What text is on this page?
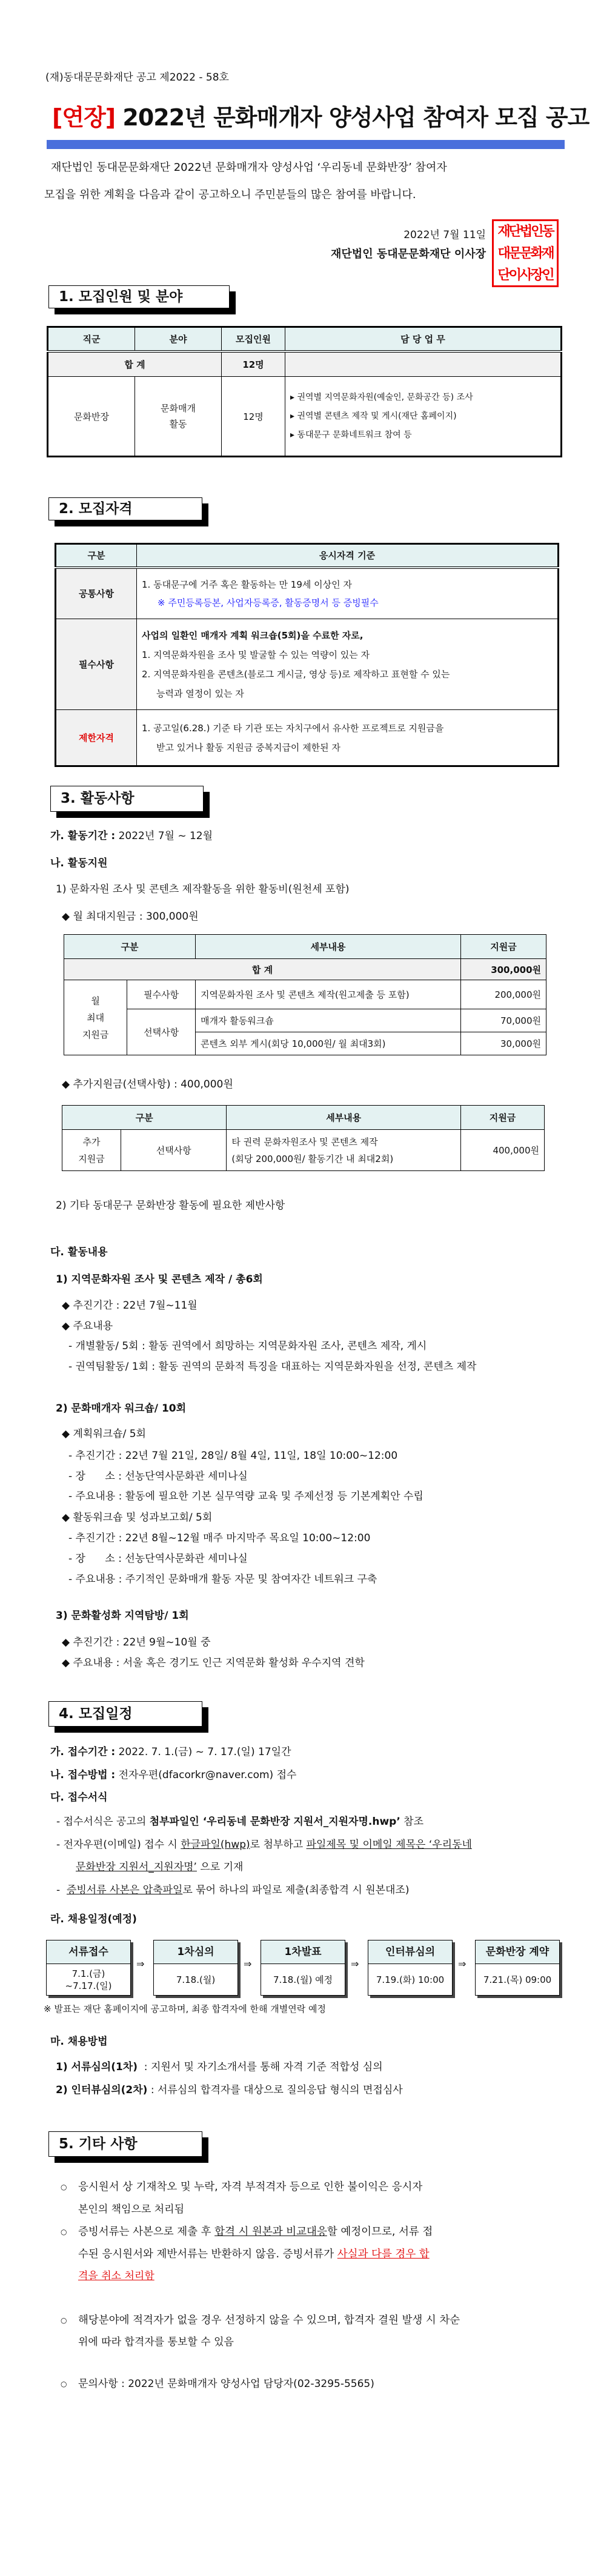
(재)동대문문화재단 공고 제2022 - 58호
[연장] 2022년 문화매개자 양성사업 참여자 모집 공고
재단법인 동대문문화재단 2022년 문화매개자 양성사업 ‘우리동네 문화반장’ 참여자
모집을 위한 계획을 다음과 같이 공고하오니 주민분들의 많은 참여를 바랍니다.
2022년 7월 11일
재단법인 동대문문화재단 이사장
재단법인동
대문문화재
단이사장인
1. 모집인원 및 분야
직군	분야	모집인원	담 당 업 무
합 계	12명	
문화반장	문화매개
활동	12명	
▸ 권역별 지역문화자원(예술인, 문화공간 등) 조사
▸ 권역별 콘텐츠 제작 및 게시(재단 홈페이지)
▸ 동대문구 문화네트워크 참여 등
2. 모집자격
구분	응시자격 기준
공통사항	
1. 동대문구에 거주 혹은 활동하는 만 19세 이상인 자
※ 주민등록등본, 사업자등록증, 활동증명서 등 증빙필수

필수사항	
사업의 일환인 매개자 계획 워크숍(5회)을 수료한 자로,
1. 지역문화자원을 조사 및 발굴할 수 있는 역량이 있는 자
2. 지역문화자원을 콘텐츠(블로그 게시글, 영상 등)로 제작하고 표현할 수 있는
능력과 열정이 있는 자

제한자격	
1. 공고일(6.28.) 기준 타 기관 또는 자치구에서 유사한 프로젝트로 지원금을
받고 있거나 활동 지원금 중복지급이 제한된 자
3. 활동사항
가. 활동기간 : 2022년 7월 ~ 12월
나. 활동지원
1) 문화자원 조사 및 콘텐츠 제작활동을 위한 활동비(원천세 포함)
◆ 월 최대지원금 : 300,000원
구분	세부내용	지원금
합 계	300,000원
월
최대
지원금	필수사항	지역문화자원 조사 및 콘텐츠 제작(원고제출 등 포함)	200,000원
선택사항	매개자 활동워크숍	70,000원
콘텐츠 외부 게시(회당 10,000원/ 월 최대3회)	30,000원
◆ 추가지원금(선택사항) : 400,000원
구분	세부내용	지원금
추가
지원금	선택사항	
타 권력 문화자원조사 및 콘텐츠 제작
(회당 200,000원/ 활동기간 내 최대2회)
	400,000원
2) 기타 동대문구 문화반장 활동에 필요한 제반사항
다. 활동내용
1) 지역문화자원 조사 및 콘텐츠 제작 / 총6회
◆ 추진기간 : 22년 7월~11월
◆ 주요내용
- 개별활동/ 5회 : 활동 권역에서 희망하는 지역문화자원 조사, 콘텐츠 제작, 게시
- 권역팀활동/ 1회 : 활동 권역의 문화적 특징을 대표하는 지역문화자원을 선정, 콘텐츠 제작
2) 문화매개자 워크숍/ 10회
◆ 계획워크숍/ 5회
- 추진기간 : 22년 7월 21일, 28일/ 8월 4일, 11일, 18일 10:00~12:00
- 장      소 : 선농단역사문화관 세미나실
- 주요내용 : 활동에 필요한 기본 실무역량 교육 및 주제선정 등 기본계획안 수립
◆ 활동워크숍 및 성과보고회/ 5회
- 추진기간 : 22년 8월~12월 매주 마지막주 목요일 10:00~12:00
- 장      소 : 선농단역사문화관 세미나실
- 주요내용 : 주기적인 문화매개 활동 자문 및 참여자간 네트워크 구축
3) 문화활성화 지역탐방/ 1회
◆ 추진기간 : 22년 9월~10월 중
◆ 주요내용 : 서울 혹은 경기도 인근 지역문화 활성화 우수지역 견학
4. 모집일정
가. 접수기간 : 2022. 7. 1.(금) ~ 7. 17.(일) 17일간
나. 접수방법 : 전자우편(dfacorkr@naver.com) 접수
다. 접수서식
- 접수서식은 공고의 첨부파일인 ‘우리동네 문화반장 지원서_지원자명.hwp’ 참조
- 전자우편(이메일) 접수 시 한글파일(hwp)로 첨부하고 파일제목 및 이메일 제목은 ‘우리동네
문화반장 지원서_지원자명’ 으로 기재
-  증빙서류 사본은 압축파일로 묶어 하나의 파일로 제출(최종합격 시 원본대조)
라. 채용일정(예정)
서류접수
7.1.(금)
~7.17.(일)
⇒
1차심의
7.18.(월)
⇒
1차발표
7.18.(월) 예정
⇒
인터뷰심의
7.19.(화) 10:00
⇒
문화반장 계약
7.21.(목) 09:00
※ 발표는 재단 홈페이지에 공고하며, 최종 합격자에 한해 개별연락 예정
마. 채용방법
1) 서류심의(1차)  : 지원서 및 자기소개서를 통해 자격 기준 적합성 심의
2) 인터뷰심의(2차) : 서류심의 합격자를 대상으로 질의응답 형식의 면접심사
5. 기타 사항
○ 응시원서 상 기재착오 및 누락, 자격 부적격자 등으로 인한 불이익은 응시자
본인의 책임으로 처리됨
○ 증빙서류는 사본으로 제출 후 합격 시 원본과 비교대응할 예정이므로, 서류 접
수된 응시원서와 제반서류는 반환하지 않음. 증빙서류가 사실과 다를 경우 합
격을 취소 처리함
○ 해당분야에 적격자가 없을 경우 선정하지 않을 수 있으며, 합격자 결원 발생 시 차순
위에 따라 합격자를 통보할 수 있음
○ 문의사항 : 2022년 문화매개자 양성사업 담당자(02-3295-5565)
